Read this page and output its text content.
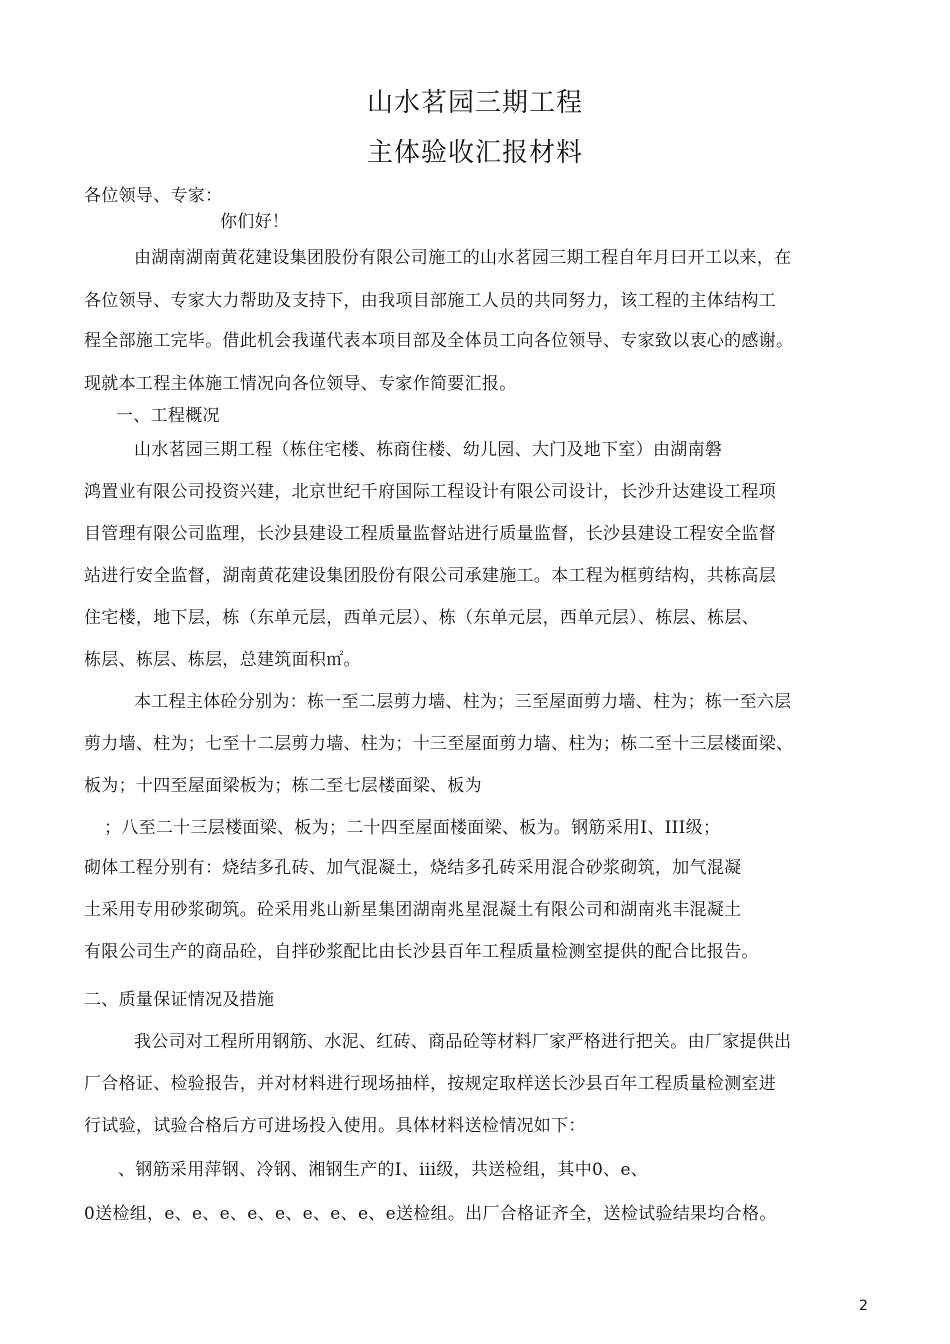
山水茗园三期工程
主体验收汇报材料
各位领导、专家：
你们好！
由湖南湖南黄花建设集团股份有限公司施工的山水茗园三期工程自年月曰开工以来，在
各位领导、专家大力帮助及支持下，由我项目部施工人员的共同努力，该工程的主体结构工
程全部施工完毕。借此机会我谨代表本项目部及全体员工向各位领导、专家致以衷心的感谢。
现就本工程主体施工情况向各位领导、专家作简要汇报。
一、工程概况
山水茗园三期工程（栋住宅楼、栋商住楼、幼儿园、大门及地下室）由湖南磐
鸿置业有限公司投资兴建，北京世纪千府国际工程设计有限公司设计，长沙升达建设工程项
目管理有限公司监理，长沙县建设工程质量监督站进行质量监督，长沙县建设工程安全监督
站进行安全监督，湖南黄花建设集团股份有限公司承建施工。本工程为框剪结构，共栋高层
住宅楼，地下层，栋（东单元层，西单元层）、栋（东单元层，西单元层）、栋层、栋层、
栋层、栋层、栋层，总建筑面积㎡。
本工程主体砼分别为：栋一至二层剪力墙、柱为；三至屋面剪力墙、柱为；栋一至六层
剪力墙、柱为；七至十二层剪力墙、柱为；十三至屋面剪力墙、柱为；栋二至十三层楼面梁、
板为；十四至屋面梁板为；栋二至七层楼面梁、板为
；八至二十三层楼面梁、板为；二十四至屋面楼面梁、板为。钢筋采用Ⅰ、III级；
砌体工程分别有：烧结多孔砖、加气混凝土，烧结多孔砖采用混合砂浆砌筑，加气混凝
土采用专用砂浆砌筑。砼采用兆山新星集团湖南兆星混凝土有限公司和湖南兆丰混凝土
有限公司生产的商品砼，自拌砂浆配比由长沙县百年工程质量检测室提供的配合比报告。
二、质量保证情况及措施
我公司对工程所用钢筋、水泥、红砖、商品砼等材料厂家严格进行把关。由厂家提供出
厂合格证、检验报告，并对材料进行现场抽样，按规定取样送长沙县百年工程质量检测室进
行试验，试验合格后方可进场投入使用。具体材料送检情况如下：
、钢筋采用萍钢、冷钢、湘钢生产的Ⅰ、iii级，共送检组，其中0、e、
0送检组，e、e、e、e、e、e、e、e、e送检组。出厂合格证齐全，送检试验结果均合格。
2
